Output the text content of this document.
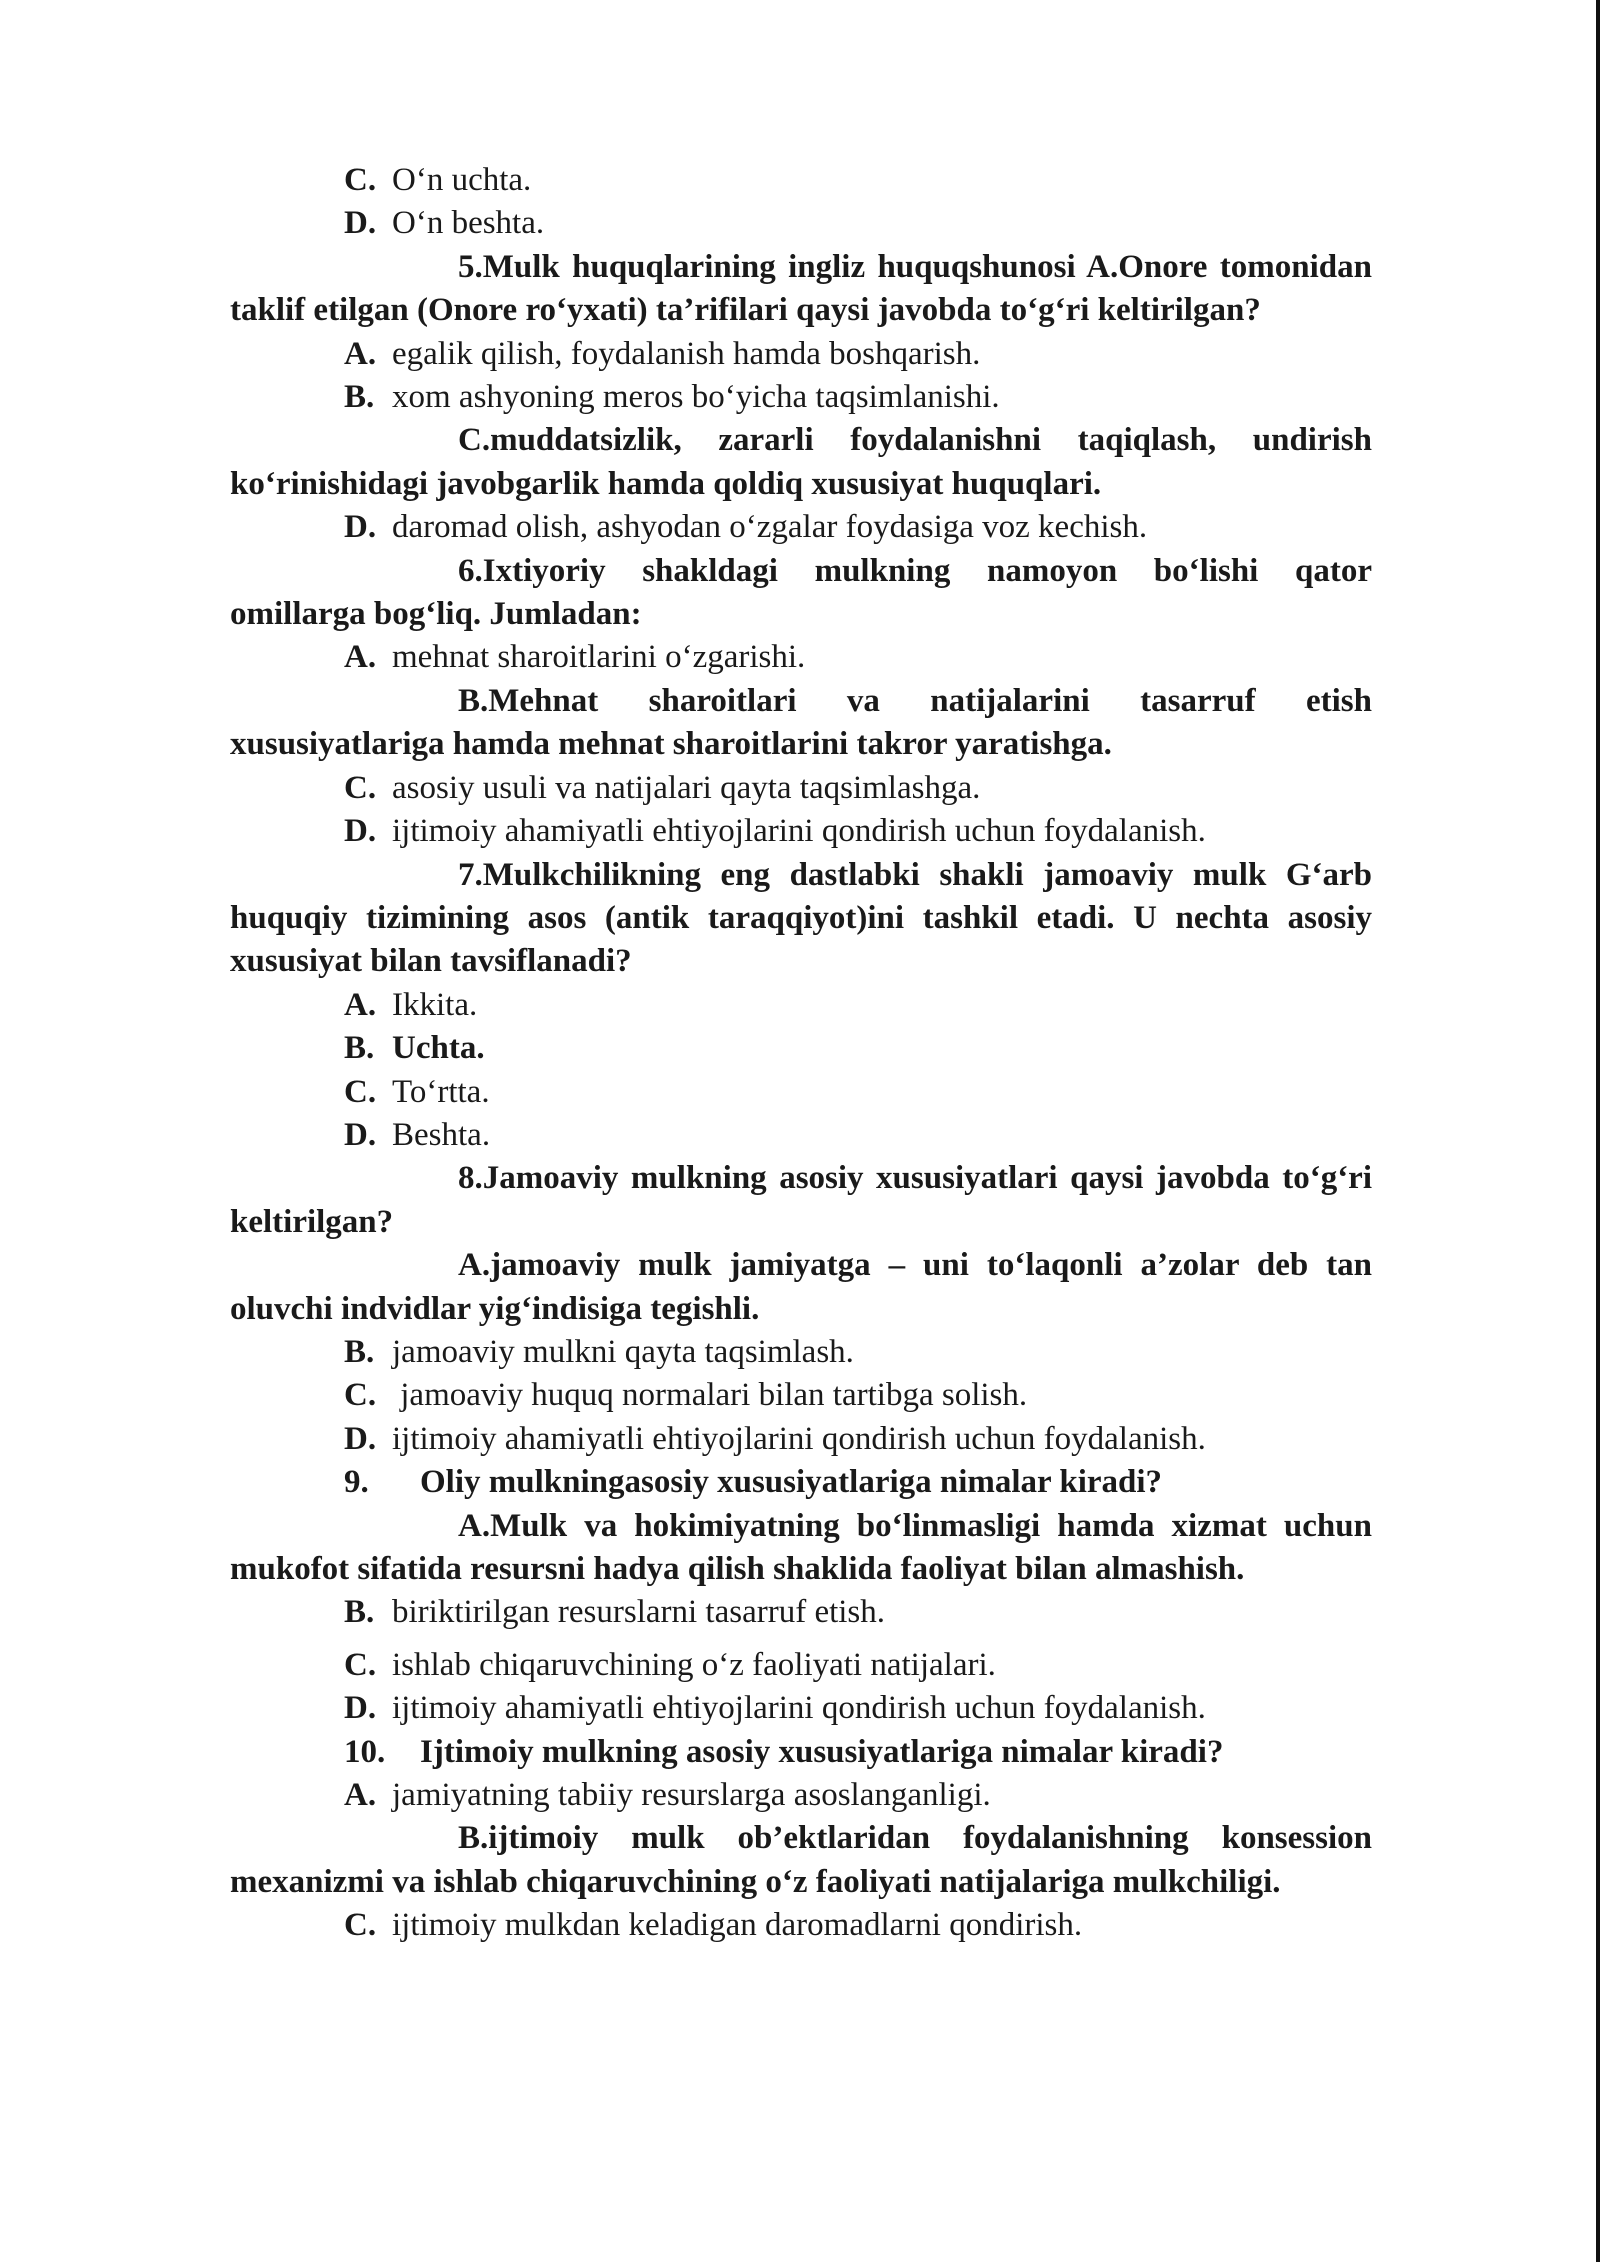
C. O‘n uchta.

D. O‘n beshta.

5.Mulk huquqlarining ingliz huquqshunosi A.Onore tomonidan taklif etilgan (Onore ro‘yxati) ta’rifilari qaysi javobda to‘g‘ri keltirilgan?

A. egalik qilish, foydalanish hamda boshqarish.

B. xom ashyoning meros bo‘yicha taqsimlanishi.

C.muddatsizlik, zararli foydalanishni taqiqlash, undirish ko‘rinishidagi javobgarlik hamda qoldiq xususiyat huquqlari.

D. daromad olish, ashyodan o‘zgalar foydasiga voz kechish.

6.Ixtiyoriy shakldagi mulkning namoyon bo‘lishi qator omillarga bog‘liq. Jumladan:

A. mehnat sharoitlarini o‘zgarishi.

B.Mehnat sharoitlari va natijalarini tasarruf etish xususiyatlariga hamda mehnat sharoitlarini takror yaratishga.

C. asosiy usuli va natijalari qayta taqsimlashga.

D. ijtimoiy ahamiyatli ehtiyojlarini qondirish uchun foydalanish.

7.Mulkchilikning eng dastlabki shakli jamoaviy mulk G‘arb huquqiy tizimining asos (antik taraqqiyot)ini tashkil etadi. U nechta asosiy xususiyat bilan tavsiflanadi?

A. Ikkita.

B. Uchta.

C. To‘rtta.

D. Beshta.

8.Jamoaviy mulkning asosiy xususiyatlari qaysi javobda to‘g‘ri keltirilgan?

A.jamoaviy mulk jamiyatga – uni to‘laqonli a’zolar deb tan oluvchi indvidlar yig‘indisiga tegishli.

B. jamoaviy mulkni qayta taqsimlash.

C. jamoaviy huquq normalari bilan tartibga solish.

D. ijtimoiy ahamiyatli ehtiyojlarini qondirish uchun foydalanish.

9. Oliy mulkningasosiy xususiyatlariga nimalar kiradi?

A.Mulk va hokimiyatning bo‘linmasligi hamda xizmat uchun mukofot sifatida resursni hadya qilish shaklida faoliyat bilan almashish.

B. biriktirilgan resurslarni tasarruf etish.

C. ishlab chiqaruvchining o‘z faoliyati natijalari.

D. ijtimoiy ahamiyatli ehtiyojlarini qondirish uchun foydalanish.

10. Ijtimoiy mulkning asosiy xususiyatlariga nimalar kiradi?

A. jamiyatning tabiiy resurslarga asoslanganligi.

B.ijtimoiy mulk ob’ektlaridan foydalanishning konsession mexanizmi va ishlab chiqaruvchining o‘z faoliyati natijalariga mulkchiligi.

C. ijtimoiy mulkdan keladigan daromadlarni qondirish.
